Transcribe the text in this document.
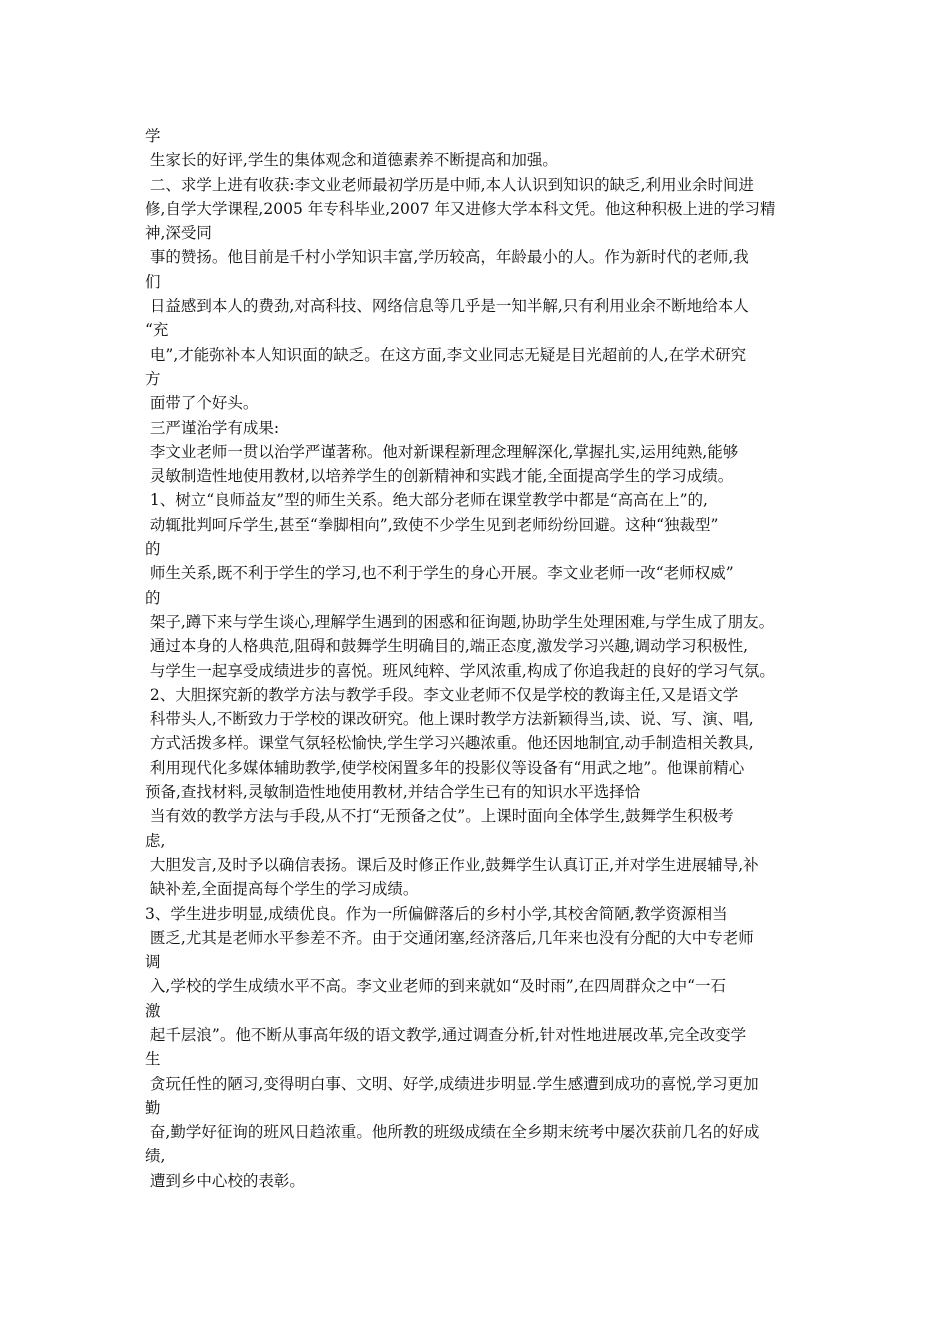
学
生家长的好评,学生的集体观念和道德素养不断提高和加强。
二、求学上进有收获:李文业老师最初学历是中师,本人认识到知识的缺乏,利用业余时间进
修,自学大学课程,2005 年专科毕业,2007 年又进修大学本科文凭。他这种积极上进的学习精
神,深受同
事的赞扬。他目前是千村小学知识丰富,学历较高，年龄最小的人。作为新时代的老师,我
们
日益感到本人的费劲,对高科技、网络信息等几乎是一知半解,只有利用业余不断地给本人
“充
电”,才能弥补本人知识面的缺乏。在这方面,李文业同志无疑是目光超前的人,在学术研究
方
面带了个好头。
三严谨治学有成果:
李文业老师一贯以治学严谨著称。他对新课程新理念理解深化,掌握扎实,运用纯熟,能够
灵敏制造性地使用教材,以培养学生的创新精神和实践才能,全面提高学生的学习成绩。
1、树立“良师益友”型的师生关系。绝大部分老师在课堂教学中都是“高高在上”的,
动辄批判呵斥学生,甚至“拳脚相向”,致使不少学生见到老师纷纷回避。这种“独裁型”
的
师生关系,既不利于学生的学习,也不利于学生的身心开展。李文业老师一改“老师权威”
的
架子,蹲下来与学生谈心,理解学生遇到的困惑和征询题,协助学生处理困难,与学生成了朋友。
通过本身的人格典范,阻碍和鼓舞学生明确目的,端正态度,激发学习兴趣,调动学习积极性,
与学生一起享受成绩进步的喜悦。班风纯粹、学风浓重,构成了你追我赶的良好的学习气氛。
2、大胆探究新的教学方法与教学手段。李文业老师不仅是学校的教诲主任,又是语文学
科带头人,不断致力于学校的课改研究。他上课时教学方法新颖得当,读、说、写、演、唱,
方式活拨多样。课堂气氛轻松愉快,学生学习兴趣浓重。他还因地制宜,动手制造相关教具,
利用现代化多媒体辅助教学,使学校闲置多年的投影仪等设备有“用武之地”。他课前精心
预备,查找材料,灵敏制造性地使用教材,并结合学生已有的知识水平选择恰
当有效的教学方法与手段,从不打“无预备之仗”。上课时面向全体学生,鼓舞学生积极考
虑,
大胆发言,及时予以确信表扬。课后及时修正作业,鼓舞学生认真订正,并对学生进展辅导,补
缺补差,全面提高每个学生的学习成绩。
3、学生进步明显,成绩优良。作为一所偏僻落后的乡村小学,其校舍简陋,教学资源相当
匮乏,尤其是老师水平参差不齐。由于交通闭塞,经济落后,几年来也没有分配的大中专老师
调
入,学校的学生成绩水平不高。李文业老师的到来就如“及时雨”,在四周群众之中“一石
激
起千层浪”。他不断从事高年级的语文教学,通过调查分析,针对性地进展改革,完全改变学
生
贪玩任性的陋习,变得明白事、文明、好学,成绩进步明显.学生感遭到成功的喜悦,学习更加
勤
奋,勤学好征询的班风日趋浓重。他所教的班级成绩在全乡期末统考中屡次获前几名的好成
绩,
遭到乡中心校的表彰。
